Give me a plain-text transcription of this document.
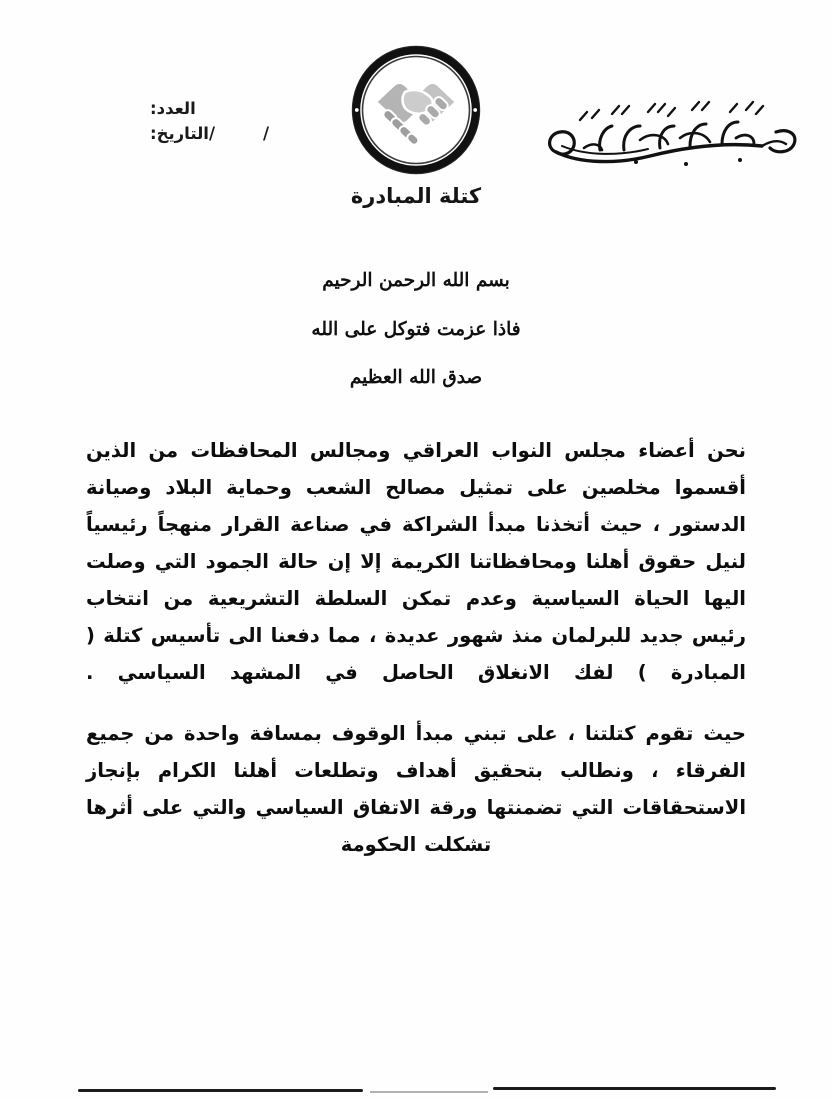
العدد:
التاريخ: /    /
كتلة المبادرة
بسم الله الرحمن الرحيم
فاذا عزمت فتوكل على الله
صدق الله العظيم

نحن أعضاء مجلس النواب العراقي ومجالس المحافظات من الذين أقسموا مخلصين على تمثيل مصالح الشعب وحماية البلاد وصيانة الدستور ، حيث أتخذنا مبدأ الشراكة في صناعة القرار منهجاً رئيسياً لنيل حقوق أهلنا ومحافظاتنا الكريمة إلا إن حالة الجمود التي وصلت اليها الحياة السياسية وعدم تمكن السلطة التشريعية من انتخاب رئيس جديد للبرلمان منذ شهور عديدة ، مما دفعنا الى تأسيس كتلة ( المبادرة ) لفك الانغلاق الحاصل في المشهد السياسي .

حيث تقوم كتلتنا ، على تبني مبدأ الوقوف بمسافة واحدة من جميع الفرقاء ، ونطالب بتحقيق أهداف وتطلعات أهلنا الكرام بإنجاز الاستحقاقات التي تضمنتها ورقة الاتفاق السياسي والتي على أثرها تشكلت الحكومة
